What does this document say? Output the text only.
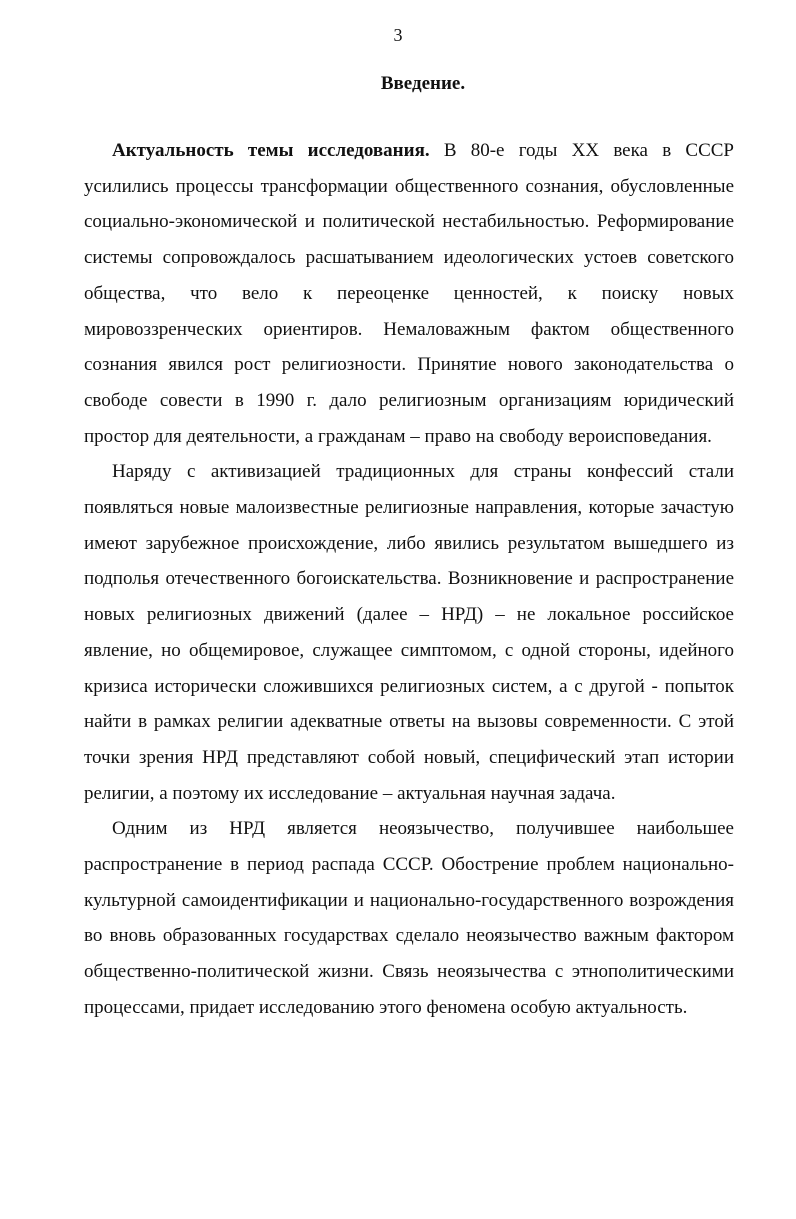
3
Введение.

Актуальность темы исследования. В 80-е годы XX века в СССР усилились процессы трансформации общественного сознания, обусловленные социально-экономической и политической нестабильностью. Реформирование системы сопровождалось расшатыванием идеологических устоев советского общества, что вело к переоценке ценностей, к поиску новых мировоззренческих ориентиров. Немаловажным фактом общественного сознания явился рост религиозности. Принятие нового законодательства о свободе совести в 1990 г. дало религиозным организациям юридический простор для деятельности, а гражданам – право на свободу вероисповедания.

Наряду с активизацией традиционных для страны конфессий стали появляться новые малоизвестные религиозные направления, которые зачастую имеют зарубежное происхождение, либо явились результатом вышедшего из подполья отечественного богоискательства. Возникновение и распространение новых религиозных движений (далее – НРД) – не локальное российское явление, но общемировое, служащее симптомом, с одной стороны, идейного кризиса исторически сложившихся религиозных систем, а с другой - попыток найти в рамках религии адекватные ответы на вызовы современности. С этой точки зрения НРД представляют собой новый, специфический этап истории религии, а поэтому их исследование – актуальная научная задача.

Одним из НРД является неоязычество, получившее наибольшее распространение в период распада СССР. Обострение проблем национально-культурной самоидентификации и национально-государственного возрождения во вновь образованных государствах сделало неоязычество важным фактором общественно-политической жизни. Связь неоязычества с этнополитическими процессами, придает исследованию этого феномена особую актуальность.
